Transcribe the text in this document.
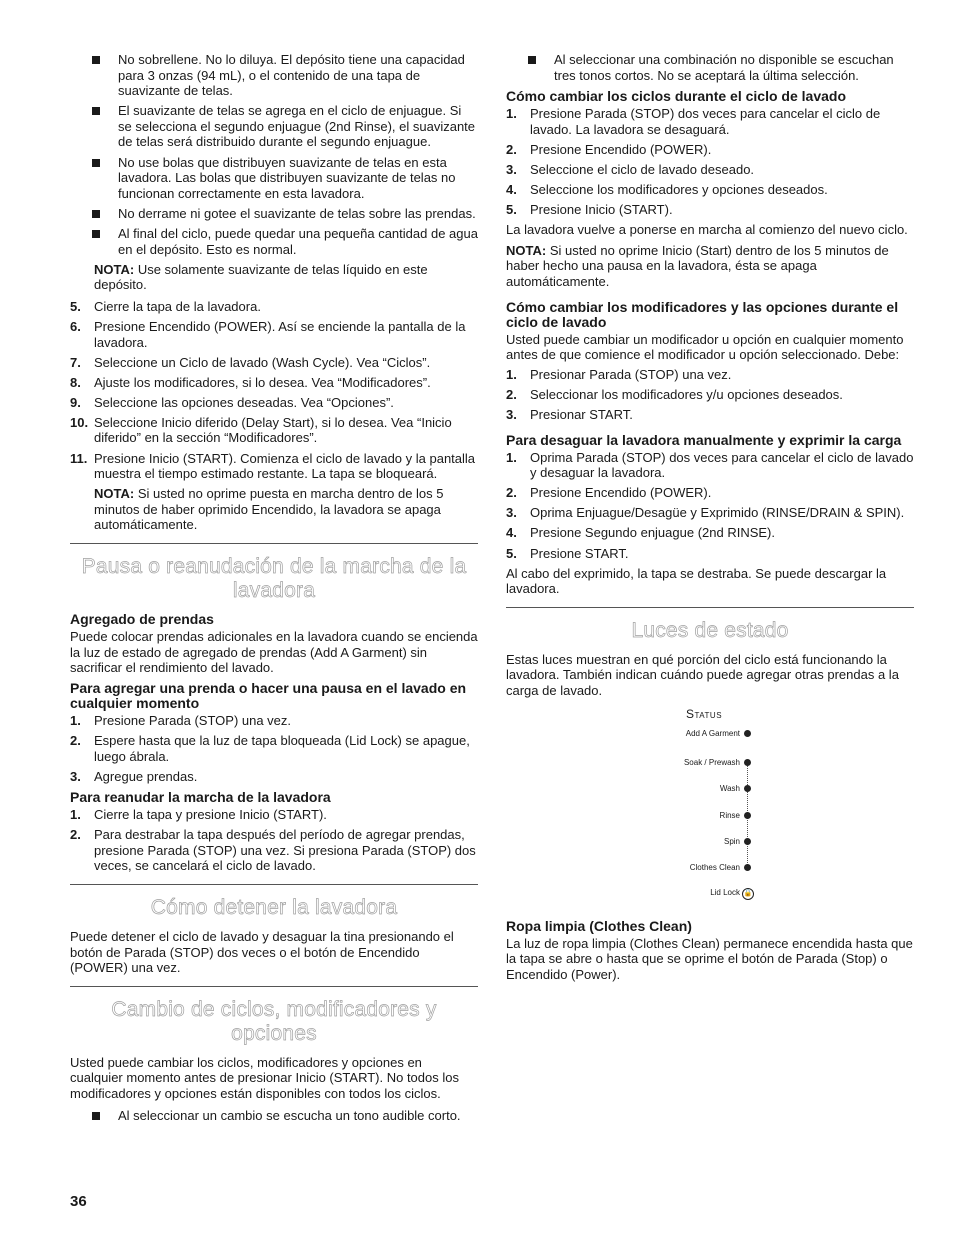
No sobrellene. No lo diluya. El depósito tiene una capacidad para 3 onzas (94 mL), o el contenido de una tapa de suavizante de telas.
El suavizante de telas se agrega en el ciclo de enjuague. Si se selecciona el segundo enjuague (2nd Rinse), el suavizante de telas será distribuido durante el segundo enjuague.
No use bolas que distribuyen suavizante de telas en esta lavadora. Las bolas que distribuyen suavizante de telas no funcionan correctamente en esta lavadora.
No derrame ni gotee el suavizante de telas sobre las prendas.
Al final del ciclo, puede quedar una pequeña cantidad de agua en el depósito. Esto es normal.

NOTA: Use solamente suavizante de telas líquido en este depósito.

5. Cierre la tapa de la lavadora.
6. Presione Encendido (POWER). Así se enciende la pantalla de la lavadora.
7. Seleccione un Ciclo de lavado (Wash Cycle). Vea “Ciclos”.
8. Ajuste los modificadores, si lo desea. Vea “Modificadores”.
9. Seleccione las opciones deseadas. Vea “Opciones”.
10. Seleccione Inicio diferido (Delay Start), si lo desea. Vea “Inicio diferido” en la sección “Modificadores”.
11. Presione Inicio (START). Comienza el ciclo de lavado y la pantalla muestra el tiempo estimado restante. La tapa se bloqueará.

NOTA: Si usted no oprime puesta en marcha dentro de los 5 minutos de haber oprimido Encendido, la lavadora se apaga automáticamente.

Pausa o reanudación de la marcha de la lavadora
Agregado de prendas

Puede colocar prendas adicionales en la lavadora cuando se encienda la luz de estado de agregado de prendas (Add A Garment) sin sacrificar el rendimiento del lavado.

Para agregar una prenda o hacer una pausa en el lavado en cualquier momento
1. Presione Parada (STOP) una vez.
2. Espere hasta que la luz de tapa bloqueada (Lid Lock) se apague, luego ábrala.
3. Agregue prendas.
Para reanudar la marcha de la lavadora
1. Cierre la tapa y presione Inicio (START).
2. Para destrabar la tapa después del período de agregar prendas, presione Parada (STOP) una vez. Si presiona Parada (STOP) dos veces, se cancelará el ciclo de lavado.
Cómo detener la lavadora

Puede detener el ciclo de lavado y desaguar la tina presionando el botón de Parada (STOP) dos veces o el botón de Encendido (POWER) una vez.

Cambio de ciclos, modificadores y opciones

Usted puede cambiar los ciclos, modificadores y opciones en cualquier momento antes de presionar Inicio (START). No todos los modificadores y opciones están disponibles con todos los ciclos.

Al seleccionar un cambio se escucha un tono audible corto.
Al seleccionar una combinación no disponible se escuchan tres tonos cortos. No se aceptará la última selección.
Cómo cambiar los ciclos durante el ciclo de lavado
1. Presione Parada (STOP) dos veces para cancelar el ciclo de lavado. La lavadora se desaguará.
2. Presione Encendido (POWER).
3. Seleccione el ciclo de lavado deseado.
4. Seleccione los modificadores y opciones deseados.
5. Presione Inicio (START).

La lavadora vuelve a ponerse en marcha al comienzo del nuevo ciclo.

NOTA: Si usted no oprime Inicio (Start) dentro de los 5 minutos de haber hecho una pausa en la lavadora, ésta se apaga automáticamente.

Cómo cambiar los modificadores y las opciones durante el ciclo de lavado

Usted puede cambiar un modificador u opción en cualquier momento antes de que comience el modificador u opción seleccionado. Debe:

1. Presionar Parada (STOP) una vez.
2. Seleccionar los modificadores y/u opciones deseados.
3. Presionar START.
Para desaguar la lavadora manualmente y exprimir la carga
1. Oprima Parada (STOP) dos veces para cancelar el ciclo de lavado y desaguar la lavadora.
2. Presione Encendido (POWER).
3. Oprima Enjuague/Desagüe y Exprimido (RINSE/DRAIN & SPIN).
4. Presione Segundo enjuague (2nd RINSE).
5. Presione START.

Al cabo del exprimido, la tapa se destraba. Se puede descargar la lavadora.

Luces de estado

Estas luces muestran en qué porción del ciclo está funcionando la lavadora. También indican cuándo puede agregar otras prendas a la carga de lavado.

Status
Add A Garment
Soak / Prewash
Wash
Rinse
Spin
Clothes Clean
Lid Lock 🔒
Ropa limpia (Clothes Clean)

La luz de ropa limpia (Clothes Clean) permanece encendida hasta que la tapa se abre o hasta que se oprime el botón de Parada (Stop) o Encendido (Power).

36
